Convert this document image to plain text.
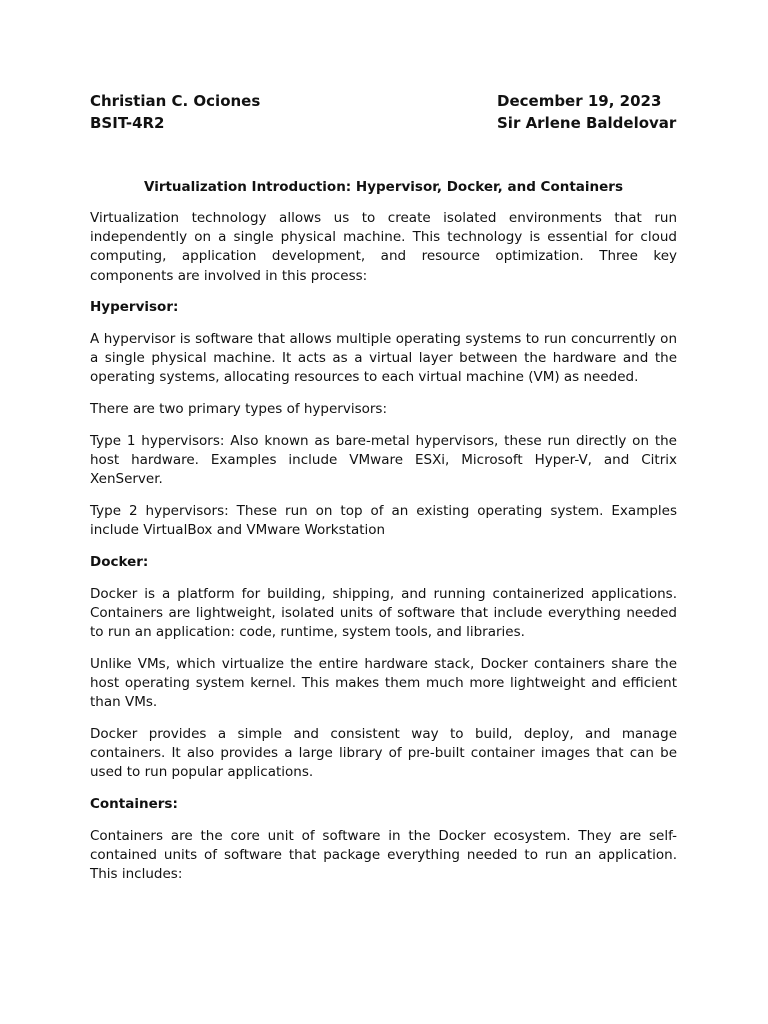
Christian C. Ociones
BSIT-4R2
December 19, 2023
Sir Arlene Baldelovar
Virtualization Introduction: Hypervisor, Docker, and Containers

Virtualization technology allows us to create isolated environments that run independently on a single physical machine. This technology is essential for cloud computing, application development, and resource optimization. Three key components are involved in this process:

Hypervisor:

A hypervisor is software that allows multiple operating systems to run concurrently on a single physical machine. It acts as a virtual layer between the hardware and the operating systems, allocating resources to each virtual machine (VM) as needed.

There are two primary types of hypervisors:

Type 1 hypervisors: Also known as bare-metal hypervisors, these run directly on the host hardware. Examples include VMware ESXi, Microsoft Hyper-V, and Citrix XenServer.

Type 2 hypervisors: These run on top of an existing operating system. Examples include VirtualBox and VMware Workstation

Docker:

Docker is a platform for building, shipping, and running containerized applications. Containers are lightweight, isolated units of software that include everything needed to run an application: code, runtime, system tools, and libraries.

Unlike VMs, which virtualize the entire hardware stack, Docker containers share the host operating system kernel. This makes them much more lightweight and efficient than VMs.

Docker provides a simple and consistent way to build, deploy, and manage containers. It also provides a large library of pre-built container images that can be used to run popular applications.

Containers:

Containers are the core unit of software in the Docker ecosystem. They are self-contained units of software that package everything needed to run an application. This includes:
